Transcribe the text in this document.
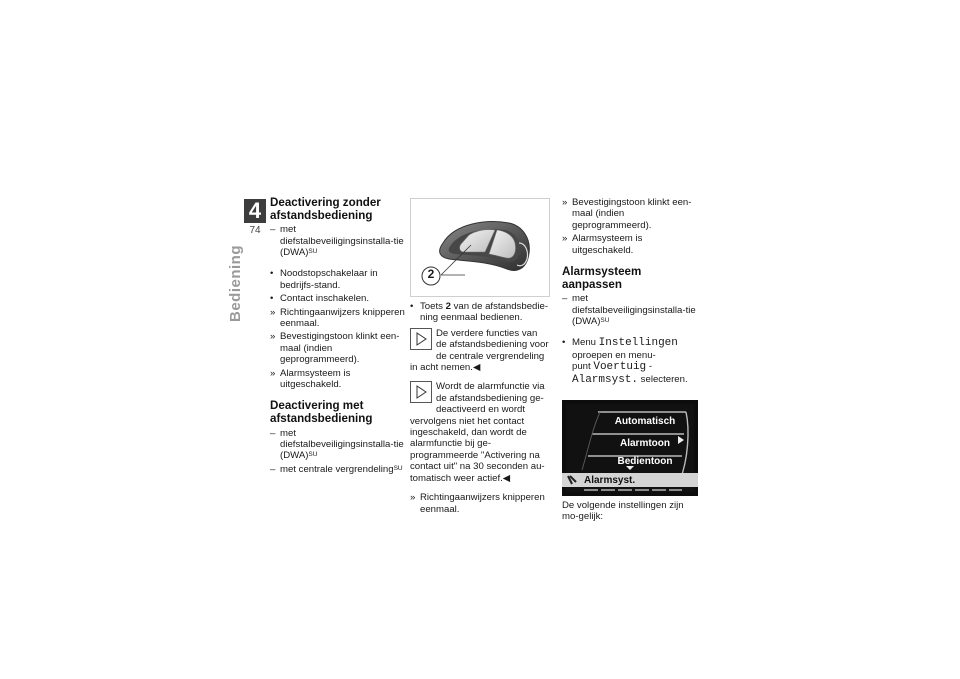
4
74
Bediening
Deactivering zonder afstandsbediening
– met diefstalbeveiligingsinstalla-tie (DWA)$^{SU}$
• Noodstopschakelaar in bedrijfs-stand.
• Contact inschakelen.
» Richtingaanwijzers knipperen eenmaal.
» Bevestigingstoon klinkt een-maal (indien geprogrammeerd).
» Alarmsysteem is uitgeschakeld.
Deactivering met afstandsbediening
– met diefstalbeveiligingsinstalla-tie (DWA)$^{SU}$
– met centrale vergrendeling$^{SU}$
2
• Toets 2 van de afstandsbedie-ning eenmaal bedienen.
De verdere functies van de afstandsbediening voor de centrale vergrendeling in acht nemen.◀
Wordt de alarmfunctie via de afstandsbediening ge-deactiveerd en wordt vervolgens niet het contact ingeschakeld, dan wordt de alarmfunctie bij ge-programmeerde "Activering na contact uit" na 30 seconden au-tomatisch weer actief.◀
» Richtingaanwijzers knipperen eenmaal.
» Bevestigingstoon klinkt een-maal (indien geprogrammeerd).
» Alarmsysteem is uitgeschakeld.
Alarmsysteem aanpassen
– met diefstalbeveiligingsinstalla-tie (DWA)$^{SU}$
• Menu Instellingen
oproepen en menu-
punt Voertuig -
Alarmsyst. selecteren.
Automatisch
Alarmtoon
Bedientoon
Alarmsyst.
De volgende instellingen zijn mo-gelijk:
